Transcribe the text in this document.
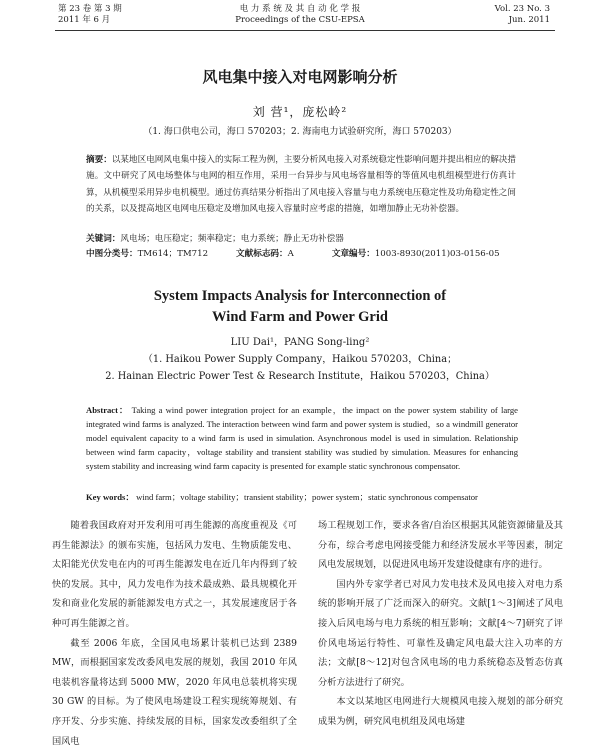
第 23 卷 第 3 期
2011 年 6 月
电 力 系 统 及 其 自 动 化 学 报
Proceedings of the CSU-EPSA
Vol. 23 No. 3
Jun. 2011
风电集中接入对电网影响分析
刘 营¹，庞松岭²
（1. 海口供电公司，海口 570203；2. 海南电力试验研究所，海口 570203）
摘要：以某地区电网风电集中接入的实际工程为例，主要分析风电接入对系统稳定性影响问题并提出相应的解决措施。文中研究了风电场整体与电网的相互作用，采用一台异步与风电场容量相等的等值风电机组模型进行仿真计算，从机模型采用异步电机模型。通过仿真结果分析指出了风电接入容量与电力系统电压稳定性及功角稳定性之间的关系，以及提高地区电网电压稳定及增加风电接入容量时应考虑的措施，如增加静止无功补偿器。
关键词：风电场；电压稳定；频率稳定；电力系统；静止无功补偿器
中图分类号：TM614；TM712	文献标志码：A	文章编号：1003-8930(2011)03-0156-05
System Impacts Analysis for Interconnection of
Wind Farm and Power Grid
LIU Dai¹，PANG Song-ling²
（1. Haikou Power Supply Company，Haikou 570203，China；
2. Hainan Electric Power Test & Research Institute，Haikou 570203，China）
Abstract： Taking a wind power integration project for an example，the impact on the power system stability of large integrated wind farms is analyzed. The interaction between wind farm and power system is studied，so a windmill generator model equivalent capacity to a wind farm is used in simulation. Asynchronous model is used in simulation. Relationship between wind farm capacity，voltage stability and transient stability was studied by simulation. Measures for enhancing system stability and increasing wind farm capacity is presented for example static synchronous compensator.
Key words： wind farm；voltage stability；transient stability；power system；static synchronous compensator

随着我国政府对开发利用可再生能源的高度重视及《可再生能源法》的颁布实施，包括风力发电、生物质能发电、太阳能光伏发电在内的可再生能源发电在近几年内得到了较快的发展。其中，风力发电作为技术最成熟、最具规模化开发和商业化发展的新能源发电方式之一，其发展速度居于各种可再生能源之首。

截至 2006 年底，全国风电场累计装机已达到 2389 MW，而根据国家发改委风电发展的规划，我国 2010 年风电装机容量将达到 5000 MW，2020 年风电总装机将实现 30 GW 的目标。为了使风电场建设工程实现统筹规划、有序开发、分步实施、持续发展的目标，国家发改委组织了全国风电

场工程规划工作，要求各省/自治区根据其风能资源储量及其分布，综合考虑电网接受能力和经济发展水平等因素，制定风电发展规划，以促进风电场开发建设健康有序的进行。

国内外专家学者已对风力发电技术及风电接入对电力系统的影响开展了广泛而深入的研究。文献[1～3]阐述了风电接入后风电场与电力系统的相互影响；文献[4～7]研究了评价风电场运行特性、可靠性及确定风电最大注入功率的方法；文献[8～12]对包含风电场的电力系统稳态及暂态仿真分析方法进行了研究。

本文以某地区电网进行大规模风电接入规划的部分研究成果为例，研究风电机组及风电场建
